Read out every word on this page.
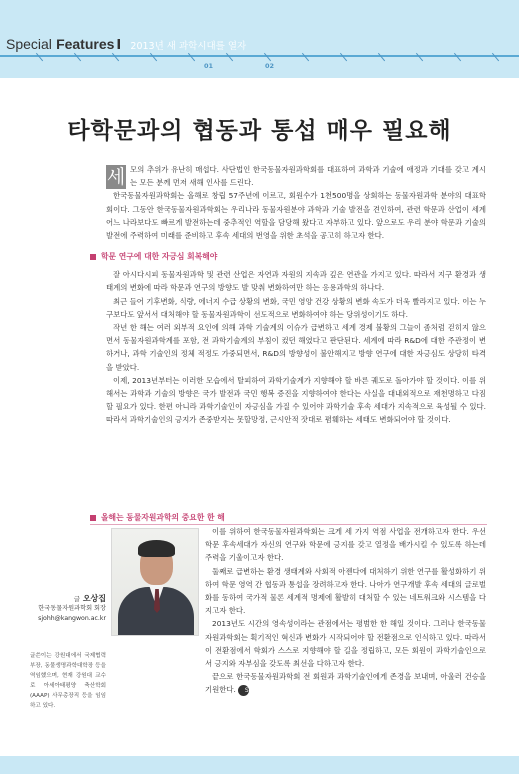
Special Features I 2013년 새 과학시대를 열자
01	02
타학문과의 협동과 통섭 매우 필요해
세 모의 추위가 유난히 매섭다. 사단법인 한국동물자원과학회를 대표하여 과학과 기술에 애정과 기대를 갖고 계시는 모든 분께 먼저 새해 인사를 드린다.

한국동물자원과학회는 올해로 창립 57주년에 이르고, 회원수가 1천500명을 상회하는 동물자원과학 분야의 대표학회이다. 그동안 한국동물자원과학회는 우리나라 동물자원분야 과학과 기술 발전을 견인하여, 관련 학문과 산업이 세계 어느 나라보다도 빠르게 발전하는데 중추적인 역할을 담당해 왔다고 자부하고 있다. 앞으로도 우리 분야 학문과 기술의 발전에 주력하여 미래를 준비하고 후속 세대의 번영을 위한 초석을 공고히 하고자 한다.

학문 연구에 대한 자긍심 회복해야

잘 아시다시피 동물자원과학 및 관련 산업은 자연과 자원의 지속과 깊은 연관을 가지고 있다. 따라서 지구 환경과 생태계의 변화에 따라 학문과 연구의 방향도 발 맞춰 변화하여만 하는 응용과학의 하나다.

최근 들어 기후변화, 식량, 에너지 수급 상황의 변화, 국민 영양 건강 상황의 변화 속도가 더욱 빨라지고 있다. 이는 누구보다도 앞서서 대처해야 할 동물자원과학이 선도적으로 변화하여야 하는 당위성이기도 하다.

작년 한 해는 여러 외부적 요인에 의해 과학 기술계의 이슈가 급변하고 세계 경제 불황의 그늘이 좀처럼 걷히지 않으면서 동물자원과학계를 포함, 전 과학기술계의 부침이 컸던 해였다고 판단된다. 세계에 따라 R&D에 대한 주관정이 변하거나, 과학 기술인의 정체 적정도 가중되면서, R&D의 방향성이 불안해지고 방향 연구에 대한 자긍심도 상당히 타격을 받았다.

이제, 2013년부터는 이러한 모습에서 탈피하여 과학기술계가 지향해야 할 바른 궤도로 돌아가야 할 것이다. 이를 위해서는 과학과 기술의 방향은 국가 발전과 국민 행복 증진을 지향하여야 한다는 사실을 대내외적으로 재천명하고 다짐할 필요가 있다. 한편 아니라 과학기술인이 자긍심을 가질 수 있어야 과학기술 후속 세대가 지속적으로 육성될 수 있다. 따라서 과학기술인의 긍지가 존중받지는 못할망정, 근시안적 잣대로 폄훼하는 세태도 변화되어야 할 것이다.

올해는 동물자원과학의 중요한 한 해
글 오상집
한국동물자원과학회 회장
sjohh@kangwon.ac.kr
글쓴이는 강원대에서 국제협력부장, 동물생명과학대학장 등을 역임했으며, 현재 강원대 교수로 아세아태평양 축산학회(AAAP) 사무총장직 등을 임임하고 있다.

이를 위하여 한국동물자원과학회는 크게 세 가지 역점 사업을 전개하고자 한다. 우선 학문 후속세대가 자신의 연구와 학문에 긍지를 갖고 열정을 배가시킬 수 있도록 하는데 주력을 기울이고자 한다.

둘째로 급변하는 환경 생태계와 사회적 아젠다에 대처하기 위한 연구를 활성화하기 위하여 학문 영역 간 협동과 통섭을 장려하고자 한다. 나아가 연구개발 후속 세대의 글로벌화를 동하여 국가적 물론 세계적 명제에 활발히 대처할 수 있는 네트워크와 시스템을 다지고자 한다.

2013년도 시간의 영속성이라는 관점에서는 평범한 한 해일 것이다. 그러나 한국동물자원과학회는 획기적인 혁신과 변화가 시작되어야 할 전환점으로 인식하고 있다. 따라서 이 전환점에서 학회가 스스로 지향해야 할 길을 정립하고, 모든 회원이 과학기술인으로서 긍지와 자부심을 갖도록 최선을 다하고자 한다.

끝으로 한국동물자원과학회 전 회원과 과학기술인에게 존경을 보내며, 아울러 건승을 기원한다. SF
